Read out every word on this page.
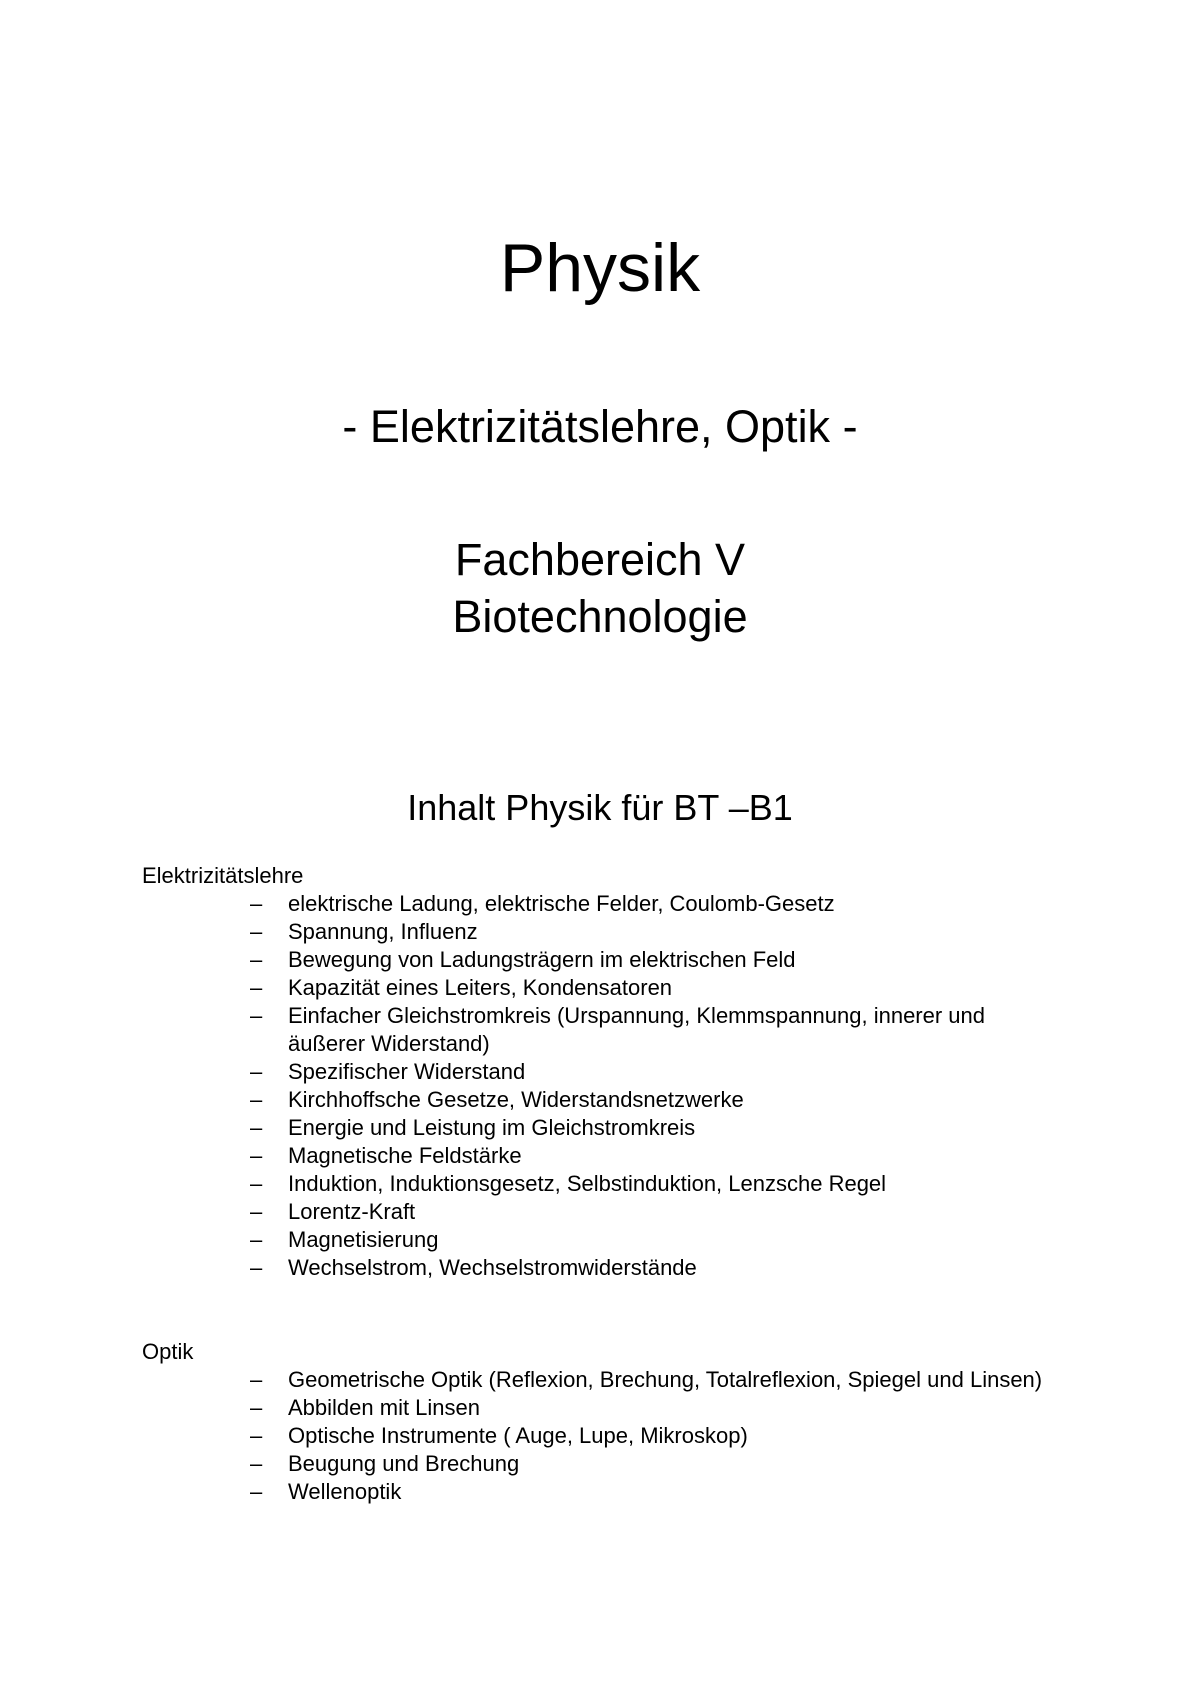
Physik
- Elektrizitätslehre, Optik -
Fachbereich V
Biotechnologie
Inhalt Physik für BT –B1
Elektrizitätslehre
– elektrische Ladung, elektrische Felder, Coulomb-Gesetz
– Spannung, Influenz
– Bewegung von Ladungsträgern im elektrischen Feld
– Kapazität eines Leiters, Kondensatoren
– Einfacher Gleichstromkreis (Urspannung, Klemmspannung, innerer und äußerer Widerstand)
– Spezifischer Widerstand
– Kirchhoffsche Gesetze, Widerstandsnetzwerke
– Energie und Leistung im Gleichstromkreis
– Magnetische Feldstärke
– Induktion, Induktionsgesetz, Selbstinduktion, Lenzsche Regel
– Lorentz-Kraft
– Magnetisierung
– Wechselstrom, Wechselstromwiderstände
Optik
– Geometrische Optik (Reflexion, Brechung, Totalreflexion, Spiegel und Linsen)
– Abbilden mit Linsen
– Optische Instrumente ( Auge, Lupe, Mikroskop)
– Beugung und Brechung
– Wellenoptik
